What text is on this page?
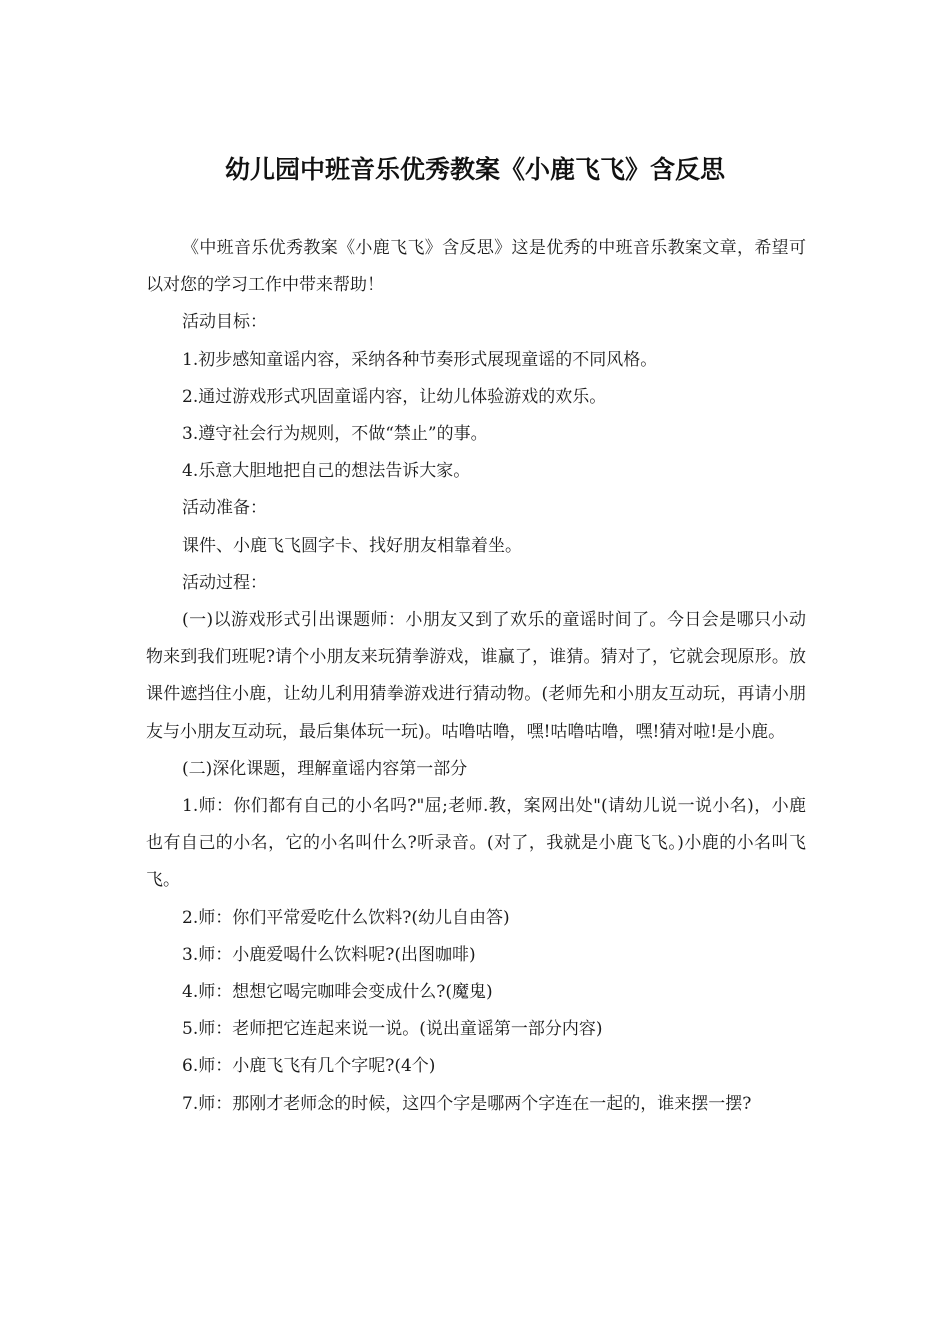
幼儿园中班音乐优秀教案《小鹿飞飞》含反思

《中班音乐优秀教案《小鹿飞飞》含反思》这是优秀的中班音乐教案文章，希望可以对您的学习工作中带来帮助！

活动目标：

1.初步感知童谣内容，采纳各种节奏形式展现童谣的不同风格。

2.通过游戏形式巩固童谣内容，让幼儿体验游戏的欢乐。

3.遵守社会行为规则，不做“禁止”的事。

4.乐意大胆地把自己的想法告诉大家。

活动准备：

课件、小鹿飞飞圆字卡、找好朋友相靠着坐。

活动过程：

(一)以游戏形式引出课题师：小朋友又到了欢乐的童谣时间了。今日会是哪只小动物来到我们班呢?请个小朋友来玩猜拳游戏，谁赢了，谁猜。猜对了，它就会现原形。放课件遮挡住小鹿，让幼儿利用猜拳游戏进行猜动物。(老师先和小朋友互动玩，再请小朋友与小朋友互动玩，最后集体玩一玩)。咕噜咕噜，嘿!咕噜咕噜，嘿!猜对啦!是小鹿。

(二)深化课题，理解童谣内容第一部分

1.师：你们都有自己的小名吗?"屈;老师.教，案网出处"(请幼儿说一说小名)，小鹿也有自己的小名，它的小名叫什么?听录音。(对了，我就是小鹿飞飞。)小鹿的小名叫飞飞。

2.师：你们平常爱吃什么饮料?(幼儿自由答)

3.师：小鹿爱喝什么饮料呢?(出图咖啡)

4.师：想想它喝完咖啡会变成什么?(魔鬼)

5.师：老师把它连起来说一说。(说出童谣第一部分内容)

6.师：小鹿飞飞有几个字呢?(4个)

7.师：那刚才老师念的时候，这四个字是哪两个字连在一起的，谁来摆一摆?
